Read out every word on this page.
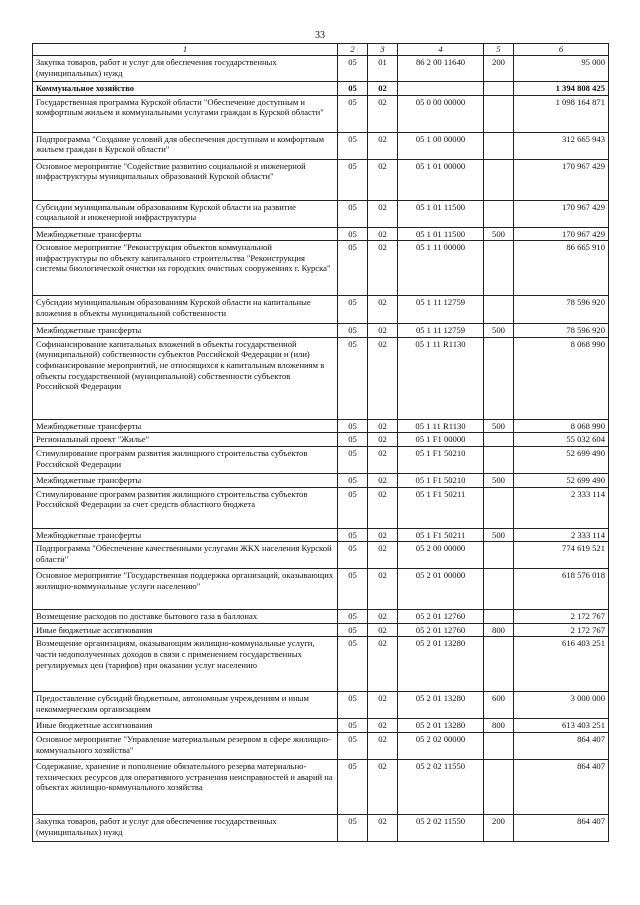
33
1	2	3	4	5	6
Закупка товаров, работ и услуг для обеспечения государственных (муниципальных) нужд	05	01	86 2 00 11640	200	95 000
Коммунальное хозяйство	05	02			1 394 808 425
Государственная программа Курской области "Обеспечение доступным и комфортным жильем и коммунальными услугами граждан в Курской области"	05	02	05 0 00 00000		1 098 164 871
Подпрограмма "Создание условий для обеспечения доступным и комфортным жильем граждан в Курской области"	05	02	05 1 00 00000		312 665 943
Основное мероприятие "Содействие развитию социальной и инженерной инфраструктуры муниципальных образований Курской области"	05	02	05 1 01 00000		170 967 429
Субсидии муниципальным образованиям Курской области на развитие социальной и инженерной инфраструктуры	05	02	05 1 01 11500		170 967 429
Межбюджетные трансферты	05	02	05 1 01 11500	500	170 967 429
Основное мероприятие "Реконструкция объектов коммунальной инфраструктуры по объекту капитального строительства "Реконструкция системы биологической очистки на городских очистных сооружениях г. Курска"	05	02	05 1 11 00000		86 665 910
Субсидии муниципальным образованиям Курской области на капитальные вложения в объекты муниципальной собственности	05	02	05 1 11 12759		78 596 920
Межбюджетные трансферты	05	02	05 1 11 12759	500	78 596 920
Софинансирование капитальных вложений в объекты государственной (муниципальной) собственности субъектов Российской Федерации и (или) софинансирование мероприятий, не относящихся к капитальным вложениям в объекты государственной (муниципальной) собственности субъектов Российской Федерации	05	02	05 1 11 R1130		8 068 990
Межбюджетные трансферты	05	02	05 1 11 R1130	500	8 068 990
Региональный проект "Жилье"	05	02	05 1 F1 00000		55 032 604
Стимулирование программ развития жилищного строительства субъектов Российской Федерации	05	02	05 1 F1 50210		52 699 490
Межбюджетные трансферты	05	02	05 1 F1 50210	500	52 699 490
Стимулирование программ развития жилищного строительства субъектов Российской Федерации за счет средств областного бюджета	05	02	05 1 F1 50211		2 333 114
Межбюджетные трансферты	05	02	05 1 F1 50211	500	2 333 114
Подпрограмма "Обеспечение качественными услугами ЖКХ населения Курской области"	05	02	05 2 00 00000		774 619 521
Основное мероприятие "Государственная поддержка организаций, оказывающих жилищно-коммунальные услуги населению"	05	02	05 2 01 00000		618 576 018
Возмещение расходов по доставке бытового газа в баллонах	05	02	05 2 01 12760		2 172 767
Иные бюджетные ассигнования	05	02	05 2 01 12760	800	2 172 767
Возмещение организациям, оказывающим жилищно-коммунальные услуги, части недополученных доходов в связи с применением государственных регулируемых цен (тарифов) при оказании услуг населению	05	02	05 2 01 13280		616 403 251
Предоставление субсидий бюджетным, автономным учреждениям и иным некоммерческим организациям	05	02	05 2 01 13280	600	3 000 000
Иные бюджетные ассигнования	05	02	05 2 01 13280	800	613 403 251
Основное мероприятие "Управление материальным резервом в сфере жилищно-коммунального хозяйства"	05	02	05 2 02 00000		864 407
Содержание, хранение и пополнение обязательного резерва материально-технических ресурсов для оперативного устранения неисправностей и аварий на объектах жилищно-коммунального хозяйства	05	02	05 2 02 11550		864 407
Закупка товаров, работ и услуг для обеспечения государственных (муниципальных) нужд	05	02	05 2 02 11550	200	864 407
